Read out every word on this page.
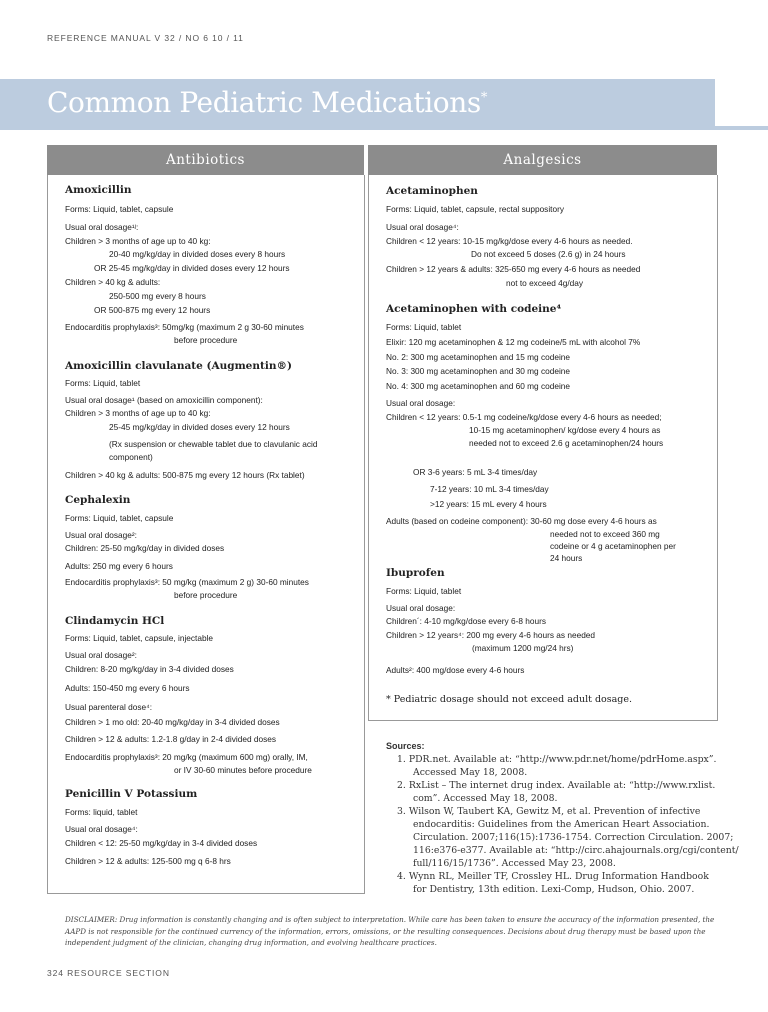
REFERENCE MANUAL V 32 / NO 6 10 / 11
Common Pediatric Medications*
Antibiotics	Analgesics
Amoxicillin
Forms: Liquid, tablet, capsule
Usual oral dosage¹ʲ:
Children > 3 months of age up to 40 kg:
20-40 mg/kg/day in divided doses every 8 hours
OR 25-45 mg/kg/day in divided doses every 12 hours
Children > 40 kg & adults:
250-500 mg every 8 hours
OR 500-875 mg every 12 hours
Endocarditis prophylaxis³: 50mg/kg (maximum 2 g 30-60 minutes
before procedure
Amoxicillin clavulanate (Augmentin®)
Forms: Liquid, tablet
Usual oral dosage¹ (based on amoxicillin component):
Children > 3 months of age up to 40 kg:
25-45 mg/kg/day in divided doses every 12 hours
(Rx suspension or chewable tablet due to clavulanic acid
component)
Children > 40 kg & adults: 500-875 mg every 12 hours (Rx tablet)
Cephalexin
Forms: Liquid, tablet, capsule
Usual oral dosage²:
Children: 25-50 mg/kg/day in divided doses
Adults: 250 mg every 6 hours
Endocarditis prophylaxis³: 50 mg/kg (maximum 2 g) 30-60 minutes
before procedure
Clindamycin HCl
Forms: Liquid, tablet, capsule, injectable
Usual oral dosage²:
Children: 8-20 mg/kg/day in 3-4 divided doses
Adults: 150-450 mg every 6 hours
Usual parenteral dose⁴:
Children > 1 mo old: 20-40 mg/kg/day in 3-4 divided doses
Children > 12 & adults: 1.2-1.8 g/day in 2-4 divided doses
Endocarditis prophylaxis³: 20 mg/kg (maximum 600 mg) orally, IM,
or IV 30-60 minutes before procedure
Penicillin V Potassium
Forms: liquid, tablet
Usual oral dosage⁴:
Children < 12: 25-50 mg/kg/day in 3-4 divided doses
Children > 12 & adults: 125-500 mg q 6-8 hrs
Acetaminophen
Forms: Liquid, tablet, capsule, rectal suppository
Usual oral dosage⁴:
Children < 12 years: 10-15 mg/kg/dose every 4-6 hours as needed.
Do not exceed 5 doses (2.6 g) in 24 hours
Children > 12 years & adults: 325-650 mg every 4-6 hours as needed
not to exceed 4g/day
Acetaminophen with codeine⁴
Forms: Liquid, tablet
Elixir: 120 mg acetaminophen & 12 mg codeine/5 mL with alcohol 7%
No. 2: 300 mg acetaminophen and 15 mg codeine
No. 3: 300 mg acetaminophen and 30 mg codeine
No. 4: 300 mg acetaminophen and 60 mg codeine
Usual oral dosage:
Children < 12 years: 0.5-1 mg codeine/kg/dose every 4-6 hours as needed;
10-15 mg acetaminophen/ kg/dose every 4 hours as
needed not to exceed 2.6 g acetaminophen/24 hours
OR 3-6 years: 5 mL 3-4 times/day
7-12 years: 10 mL 3-4 times/day
>12 years: 15 mL every 4 hours
Adults (based on codeine component): 30-60 mg dose every 4-6 hours as
needed not to exceed 360 mg
codeine or 4 g acetaminophen per
24 hours
Ibuprofen
Forms: Liquid, tablet
Usual oral dosage:
Children´: 4-10 mg/kg/dose every 6-8 hours
Children > 12 years⁴: 200 mg every 4-6 hours as needed
(maximum 1200 mg/24 hrs)
Adults²: 400 mg/dose every 4-6 hours
* Pediatric dosage should not exceed adult dosage.
Sources:
1. PDR.net. Available at: “http://www.pdr.net/home/pdrHome.aspx”.
Accessed May 18, 2008.
2. RxList – The internet drug index. Available at: “http://www.rxlist.
com”. Accessed May 18, 2008.
3. Wilson W, Taubert KA, Gewitz M, et al. Prevention of infective
endocarditis: Guidelines from the American Heart Association.
Circulation. 2007;116(15):1736-1754. Correction Circulation. 2007;
116:e376-e377. Available at: “http://circ.ahajournals.org/cgi/content/
full/116/15/1736”. Accessed May 23, 2008.
4. Wynn RL, Meiller TF, Crossley HL. Drug Information Handbook
for Dentistry, 13th edition. Lexi-Comp, Hudson, Ohio. 2007.
DISCLAIMER: Drug information is constantly changing and is often subject to interpretation. While care has been taken to ensure the accuracy of the information presented, the AAPD is not responsible for the continued currency of the information, errors, omissions, or the resulting consequences. Decisions about drug therapy must be based upon the independent judgment of the clinician, changing drug information, and evolving healthcare practices.
324 RESOURCE SECTION
